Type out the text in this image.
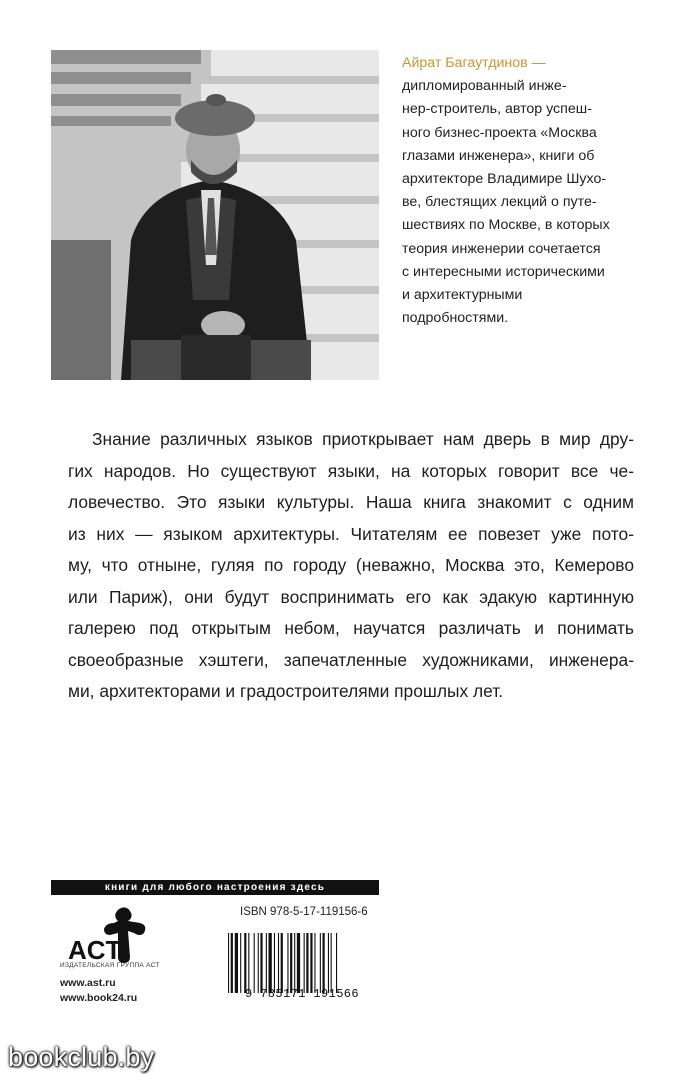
Айрат Багаутдинов —
дипломированный инже-
нер-строитель, автор успеш-
ного бизнес-проекта «Москва
глазами инженера», книги об
архитекторе Владимире Шухо-
ве, блестящих лекций о путе-
шествиях по Москве, в которых
теория инженерии сочетается
с интересными историческими
и архитектурными
подробностями.
Знание различных языков приоткрывает нам дверь в мир дру-
гих народов. Но существуют языки, на которых говорит все че-
ловечество. Это языки культуры. Наша книга знакомит с одним
из них — языком архитектуры. Читателям ее повезет уже пото-
му, что отныне, гуляя по городу (неважно, Москва это, Кемерово
или Париж), они будут воспринимать его как эдакую картинную
галерею под открытым небом, научатся различать и понимать
своеобразные хэштеги, запечатленные художниками, инженера-
ми, архитекторами и градостроителями прошлых лет.
книги для любого настроения здесь
ACT
ИЗДАТЕЛЬСКАЯ ГРУППА АСТ
www.ast.ru
www.book24.ru
ISBN 978-5-17-119156-6
9 785171 191566
bookclub.by
